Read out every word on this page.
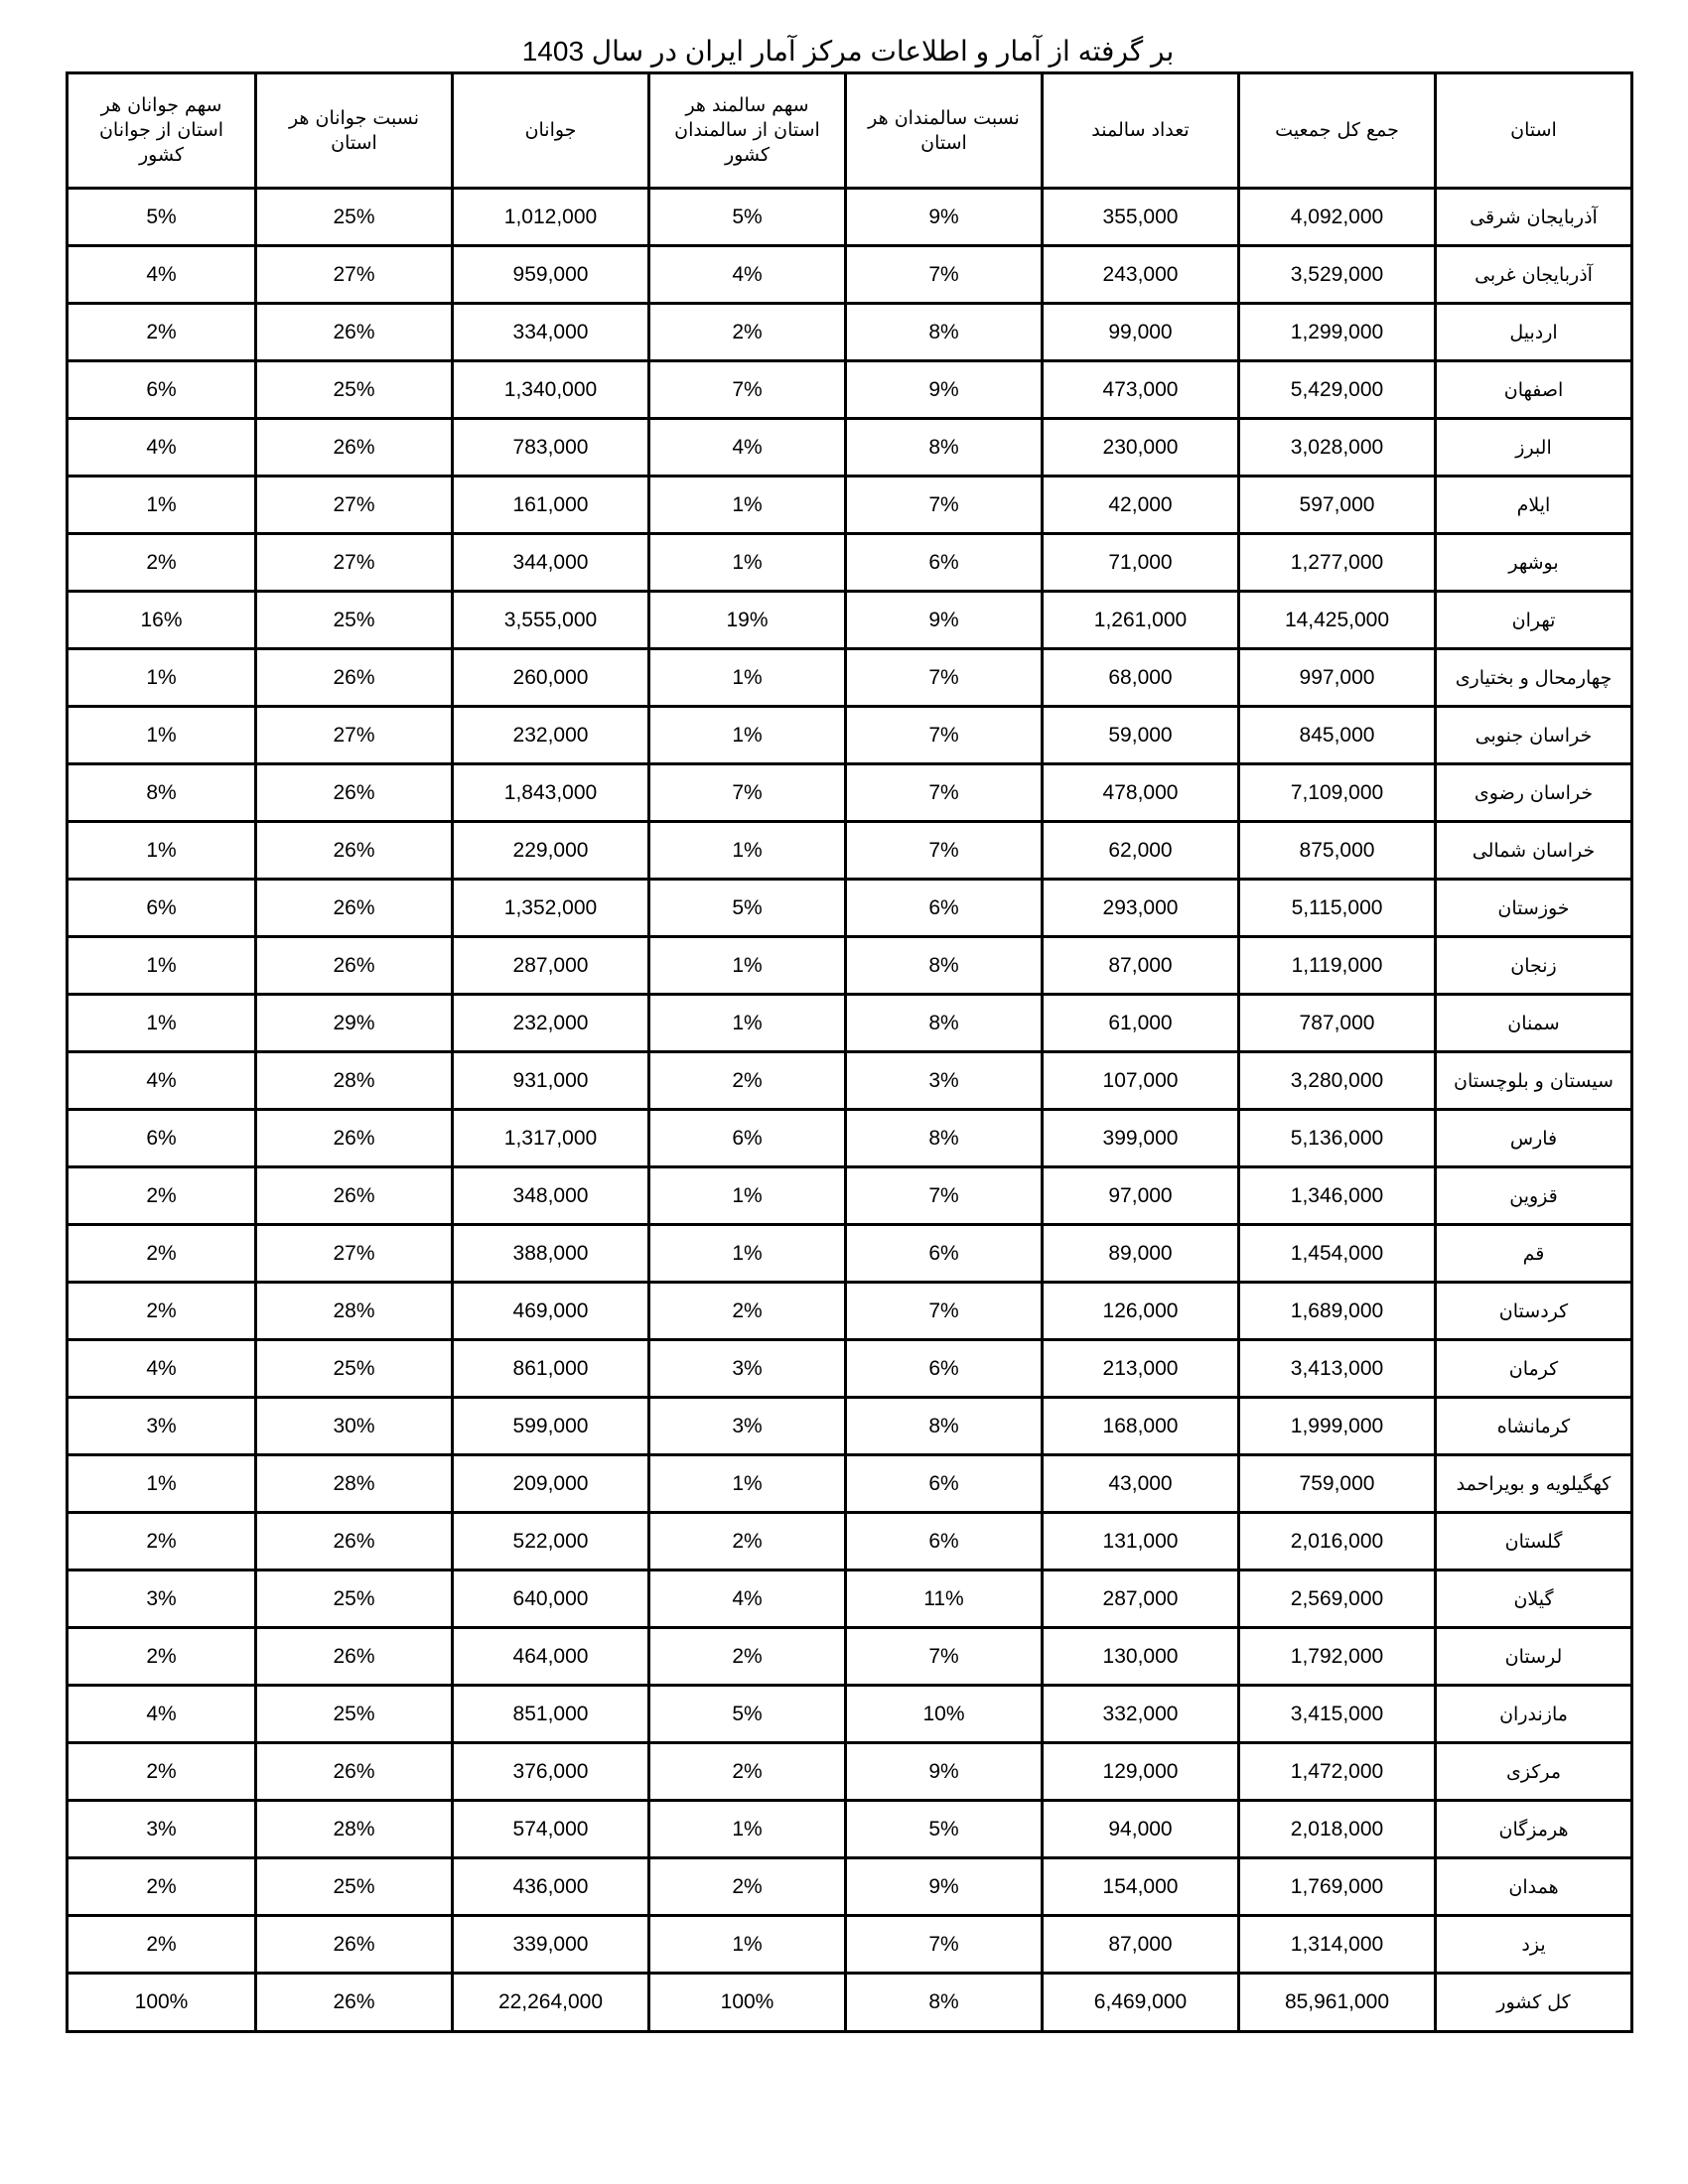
بر گرفته از آمار و اطلاعات مرکز آمار ایران در سال 1403
استان	جمع کل جمعیت	تعداد سالمند	نسبت سالمندان هر استان	سهم سالمند هر استان از سالمندان کشور	جوانان	نسبت جوانان هر استان	سهم جوانان هر استان از جوانان کشور
آذربایجان شرقی	4,092,000	355,000	9%	5%	1,012,000	25%	5%
آذربایجان غربی	3,529,000	243,000	7%	4%	959,000	27%	4%
اردبیل	1,299,000	99,000	8%	2%	334,000	26%	2%
اصفهان	5,429,000	473,000	9%	7%	1,340,000	25%	6%
البرز	3,028,000	230,000	8%	4%	783,000	26%	4%
ایلام	597,000	42,000	7%	1%	161,000	27%	1%
بوشهر	1,277,000	71,000	6%	1%	344,000	27%	2%
تهران	14,425,000	1,261,000	9%	19%	3,555,000	25%	16%
چهارمحال و بختیاری	997,000	68,000	7%	1%	260,000	26%	1%
خراسان جنوبی	845,000	59,000	7%	1%	232,000	27%	1%
خراسان رضوی	7,109,000	478,000	7%	7%	1,843,000	26%	8%
خراسان شمالی	875,000	62,000	7%	1%	229,000	26%	1%
خوزستان	5,115,000	293,000	6%	5%	1,352,000	26%	6%
زنجان	1,119,000	87,000	8%	1%	287,000	26%	1%
سمنان	787,000	61,000	8%	1%	232,000	29%	1%
سیستان و بلوچستان	3,280,000	107,000	3%	2%	931,000	28%	4%
فارس	5,136,000	399,000	8%	6%	1,317,000	26%	6%
قزوین	1,346,000	97,000	7%	1%	348,000	26%	2%
قم	1,454,000	89,000	6%	1%	388,000	27%	2%
کردستان	1,689,000	126,000	7%	2%	469,000	28%	2%
کرمان	3,413,000	213,000	6%	3%	861,000	25%	4%
کرمانشاه	1,999,000	168,000	8%	3%	599,000	30%	3%
کهگیلویه و بویراحمد	759,000	43,000	6%	1%	209,000	28%	1%
گلستان	2,016,000	131,000	6%	2%	522,000	26%	2%
گیلان	2,569,000	287,000	11%	4%	640,000	25%	3%
لرستان	1,792,000	130,000	7%	2%	464,000	26%	2%
مازندران	3,415,000	332,000	10%	5%	851,000	25%	4%
مرکزی	1,472,000	129,000	9%	2%	376,000	26%	2%
هرمزگان	2,018,000	94,000	5%	1%	574,000	28%	3%
همدان	1,769,000	154,000	9%	2%	436,000	25%	2%
یزد	1,314,000	87,000	7%	1%	339,000	26%	2%
کل کشور	85,961,000	6,469,000	8%	100%	22,264,000	26%	100%
